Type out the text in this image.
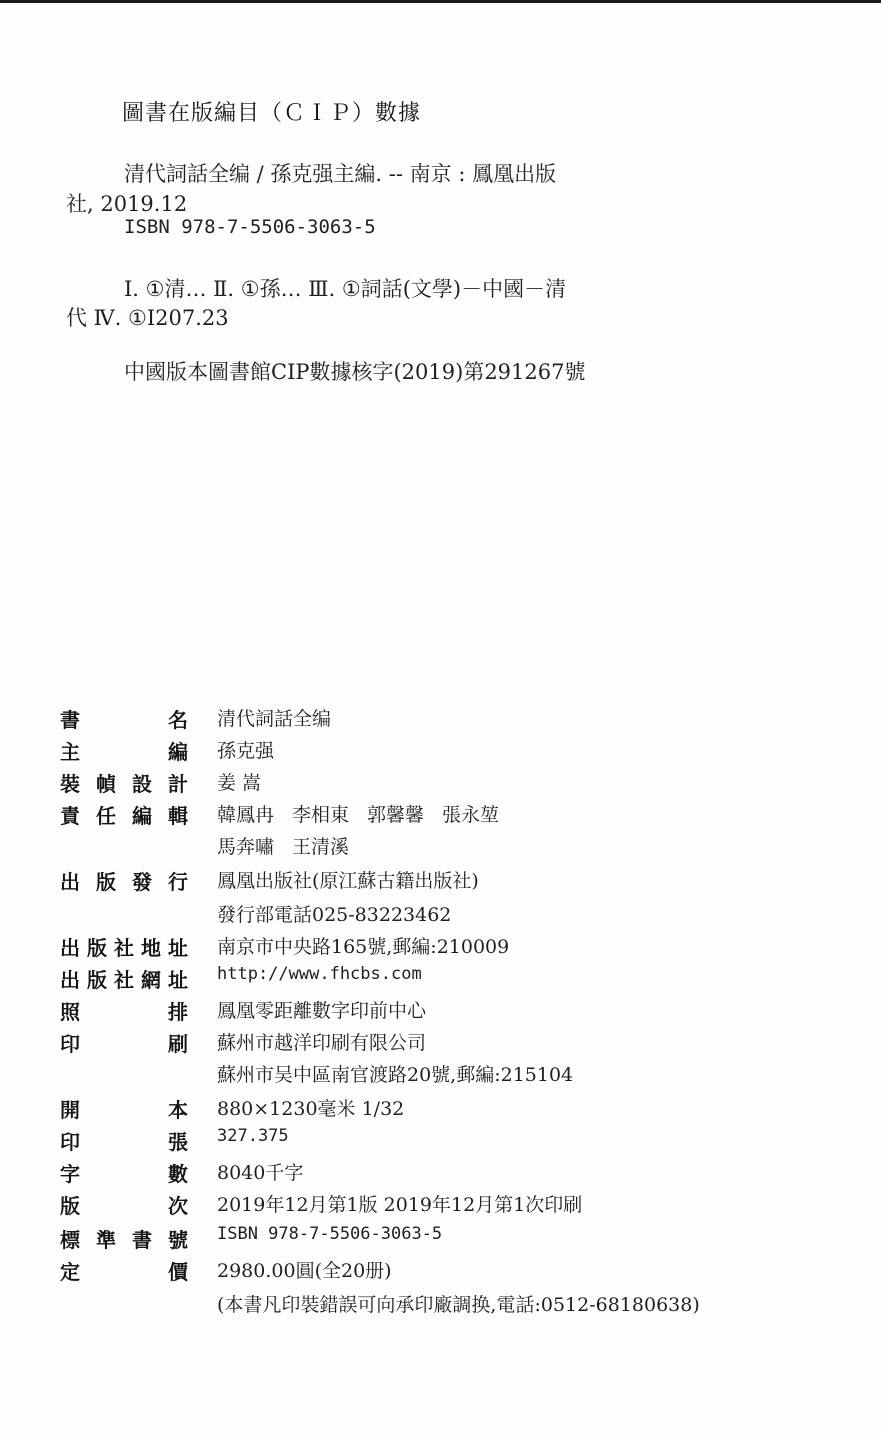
圖書在版編目（ＣＩＰ）數據
清代詞話全编 / 孫克强主編. -- 南京 : 鳳凰出版
社, 2019.12
ISBN 978-7-5506-3063-5
Ⅰ. ①清… Ⅱ. ①孫… Ⅲ. ①詞話(文學)－中國－清
代 Ⅳ. ①I207.23
中國版本圖書館CIP數據核字(2019)第291267號
書名 清代詞話全编
主編 孫克强
裝幀設計 姜 嵩
責任編輯 韓鳳冉 李相東 郭馨馨 張永堃
馬奔嘯 王清溪
出版發行 鳳凰出版社(原江蘇古籍出版社)
發行部電話025-83223462
出版社地址 南京市中央路165號,郵編:210009
出版社網址 http://www.fhcbs.com
照排 鳳凰零距離數字印前中心
印刷 蘇州市越洋印刷有限公司
蘇州市吴中區南官渡路20號,郵編:215104
開本 880×1230毫米 1/32
印張 327.375
字數 8040千字
版次 2019年12月第1版 2019年12月第1次印刷
標準書號 ISBN 978-7-5506-3063-5
定價 2980.00圓(全20册)
(本書凡印裝錯誤可向承印廠調换,電話:0512-68180638)
